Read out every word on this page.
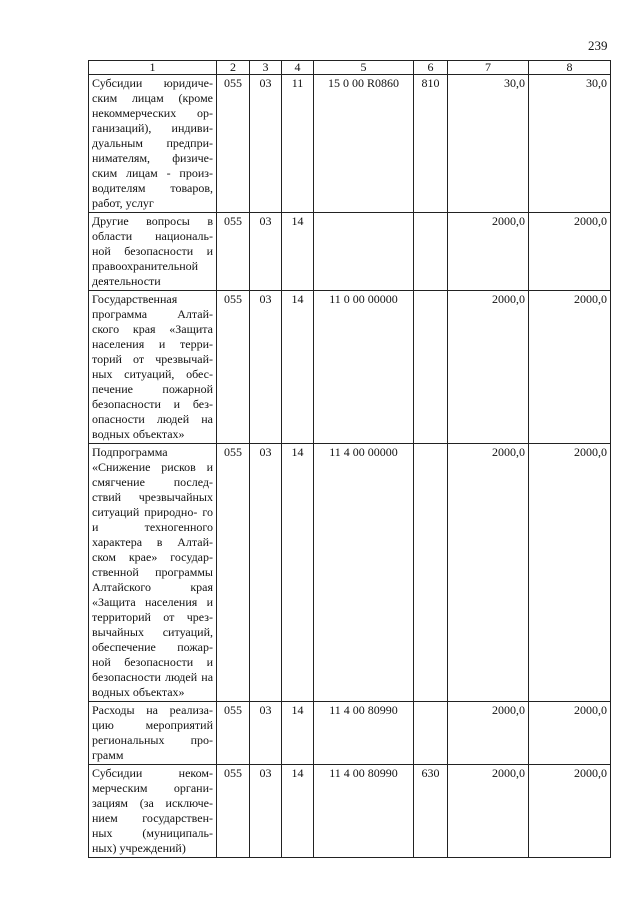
239
1	2	3	4	5	6	7	8
Субсидии юридиче- ским лицам (кроме некоммерческих ор- ганизаций), индиви- дуальным предпри- нимателям, физиче- ским лицам - произ- водителям товаров, работ, услуг	055	03	11	15 0 00 R0860	810	30,0	30,0
Другие вопросы в области националь- ной безопасности и правоохранительной деятельности	055	03	14			2000,0	2000,0
Государственная программа Алтай- ского края «Защита населения и терри- торий от чрезвычай- ных ситуаций, обес- печение пожарной безопасности и без- опасности людей на водных объектах»	055	03	14	11 0 00 00000		2000,0	2000,0
Подпрограмма «Снижение рисков и смягчение послед- ствий чрезвычайных ситуаций природно- го и техногенного характера в Алтай- ском крае» государ- ственной программы Алтайского края «Защита населения и территорий от чрез- вычайных ситуаций, обеспечение пожар- ной безопасности и безопасности людей на водных объектах»	055	03	14	11 4 00 00000		2000,0	2000,0
Расходы на реализа- цию мероприятий региональных про- грамм	055	03	14	11 4 00 80990		2000,0	2000,0
Субсидии неком- мерческим органи- зациям (за исключе- нием государствен- ных (муниципаль- ных) учреждений)	055	03	14	11 4 00 80990	630	2000,0	2000,0
